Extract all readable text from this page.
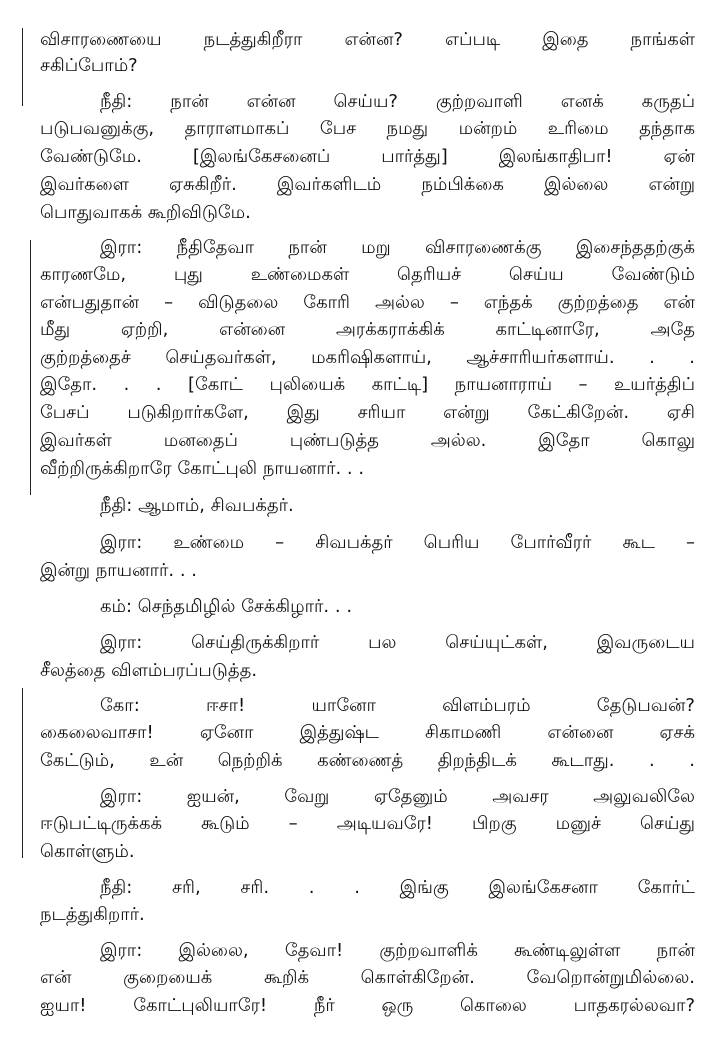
விசாரணையை நடத்துகிறீரா என்ன? எப்படி இதை நாங்கள்
சகிப்போம்?
நீதி: நான் என்ன செய்ய? குற்றவாளி எனக் கருதப்
படுபவனுக்கு, தாராளமாகப் பேச நமது மன்றம் உரிமை தந்தாக
வேண்டுமே. [இலங்கேசனைப் பார்த்து] இலங்காதிபா! ஏன்
இவர்களை ஏசுகிறீர். இவர்களிடம் நம்பிக்கை இல்லை என்று
பொதுவாகக் கூறிவிடுமே.
இரா: நீதிதேவா நான் மறு விசாரணைக்கு இசைந்ததற்குக்
காரணமே, புது உண்மைகள் தெரியச் செய்ய வேண்டும்
என்பதுதான் – விடுதலை கோரி அல்ல – எந்தக் குற்றத்தை என்
மீது ஏற்றி, என்னை அரக்கராக்கிக் காட்டினாரே, அதே
குற்றத்தைச் செய்தவர்கள், மகரிஷிகளாய், ஆச்சாரியர்களாய். . .
இதோ. . . [கோட் புலியைக் காட்டி] நாயனாராய் – உயர்த்திப்
பேசப் படுகிறார்களே, இது சரியா என்று கேட்கிறேன். ஏசி
இவர்கள் மனதைப் புண்படுத்த அல்ல. இதோ கொலு
வீற்றிருக்கிறாரே கோட்புலி நாயனார். . .
நீதி: ஆமாம், சிவபக்தர்.
இரா: உண்மை – சிவபக்தர் பெரிய போர்வீரர் கூட –
இன்று நாயனார். . .
கம்: செந்தமிழில் சேக்கிழார். . .
இரா: செய்திருக்கிறார் பல செய்யுட்கள், இவருடைய
சீலத்தை விளம்பரப்படுத்த.
கோ: ஈசா! யானோ விளம்பரம் தேடுபவன்?
கைலைவாசா! ஏனோ இத்துஷ்ட சிகாமணி என்னை ஏசக்
கேட்டும், உன் நெற்றிக் கண்ணைத் திறந்திடக் கூடாது. . .
இரா: ஐயன், வேறு ஏதேனும் அவசர அலுவலிலே
ஈடுபட்டிருக்கக் கூடும் – அடியவரே! பிறகு மனுச் செய்து
கொள்ளும்.
நீதி: சரி, சரி. . . இங்கு இலங்கேசனா கோர்ட்
நடத்துகிறார்.
இரா: இல்லை, தேவா! குற்றவாளிக் கூண்டிலுள்ள நான்
என் குறையைக் கூறிக் கொள்கிறேன். வேறொன்றுமில்லை.
ஐயா! கோட்புலியாரே! நீர் ஒரு கொலை பாதகரல்லவா?
